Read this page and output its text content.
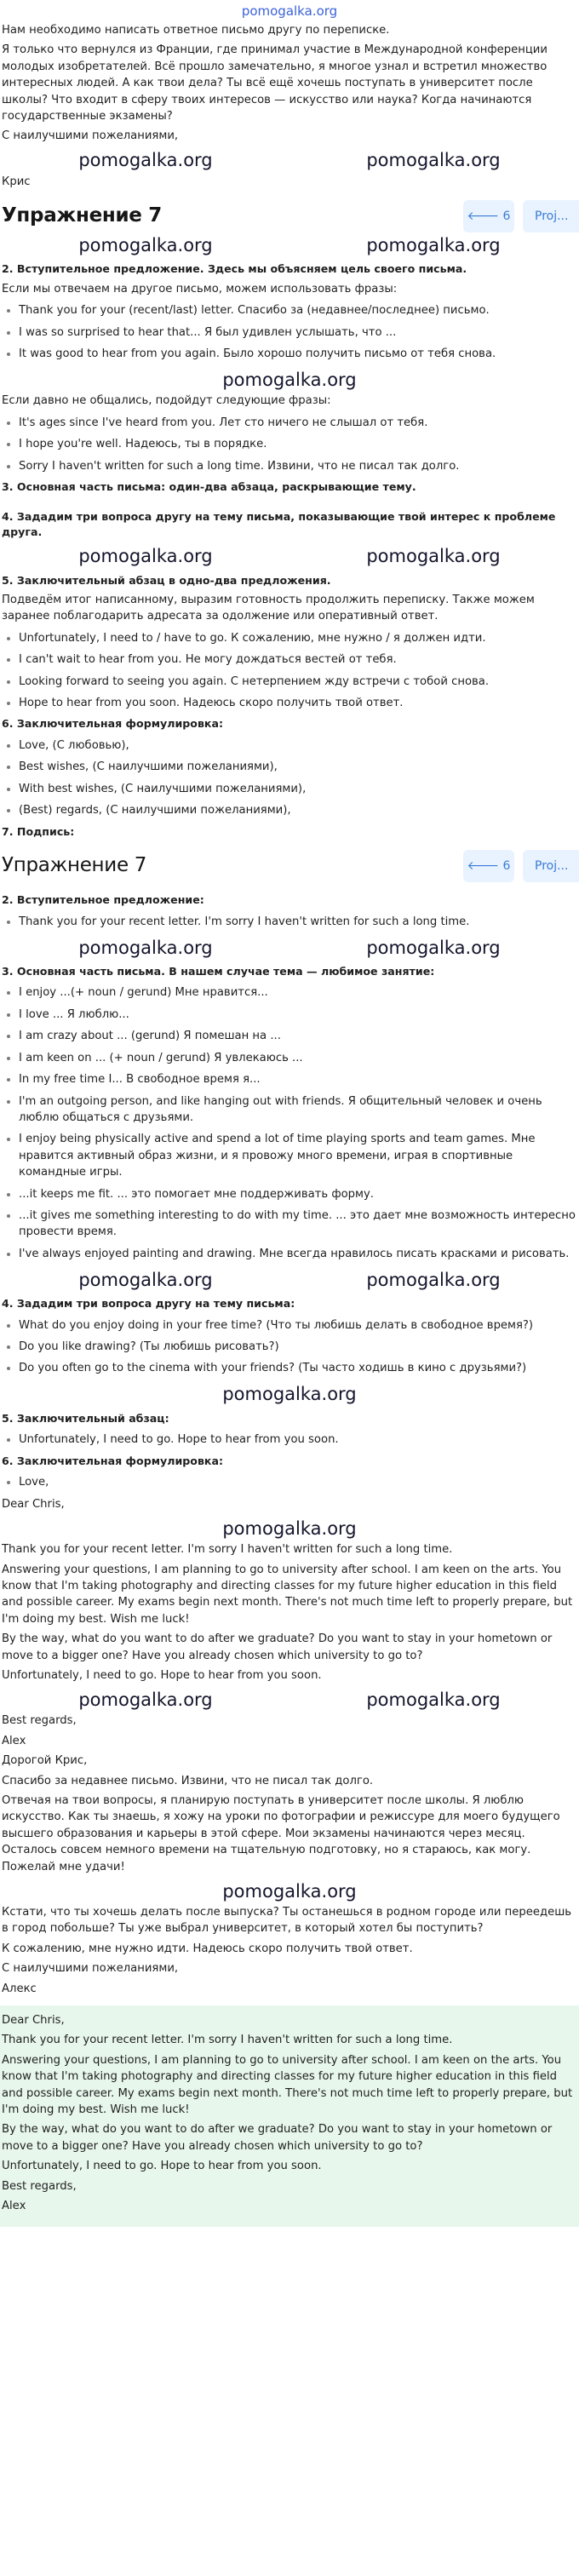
pomogalka.org

Нам необходимо написать ответное письмо другу по переписке.

Я только что вернулся из Франции, где принимал участие в Международной конференции молодых изобретателей. Всё прошло замечательно, я многое узнал и встретил множество интересных людей. А как твои дела? Ты всё ещё хочешь поступать в университет после школы? Что входит в сферу твоих интересов — искусство или наука? Когда начинаются государственные экзамены?

С наилучшими пожеланиями,

pomogalka.org	pomogalka.org

Крис

Упражнение 7	🡐 6 Proj...
pomogalka.org	pomogalka.org

2. Вступительное предложение. Здесь мы объясняем цель своего письма.

Если мы отвечаем на другое письмо, можем использовать фразы:

Thank you for your (recent/last) letter. Спасибо за (недавнее/последнее) письмо.
I was so surprised to hear that... Я был удивлен услышать, что ...
It was good to hear from you again. Было хорошо получить письмо от тебя снова.
pomogalka.org

Если давно не общались, подойдут следующие фразы:

It's ages since I've heard from you. Лет сто ничего не слышал от тебя.
I hope you're well. Надеюсь, ты в порядке.
Sorry I haven't written for such a long time. Извини, что не писал так долго.

3. Основная часть письма: один-два абзаца, раскрывающие тему.

4. Зададим три вопроса другу на тему письма, показывающие твой интерес к проблеме друга.

pomogalka.org	pomogalka.org

5. Заключительный абзац в одно-два предложения.

Подведём итог написанному, выразим готовность продолжить переписку. Также можем заранее поблагодарить адресата за одолжение или оперативный ответ.

Unfortunately, I need to / have to go. К сожалению, мне нужно / я должен идти.
I can't wait to hear from you. Не могу дождаться вестей от тебя.
Looking forward to seeing you again. С нетерпением жду встречи с тобой снова.
Hope to hear from you soon. Надеюсь скоро получить твой ответ.

6. Заключительная формулировка:

Love, (С любовью),
Best wishes, (С наилучшими пожеланиями),
With best wishes, (С наилучшими пожеланиями),
(Best) regards, (С наилучшими пожеланиями),

7. Подпись:

Упражнение 7	🡐 6 Proj...

2. Вступительное предложение:

Thank you for your recent letter. I'm sorry I haven't written for such a long time.
pomogalka.org	pomogalka.org

3. Основная часть письма. В нашем случае тема — любимое занятие:

I enjoy ...(+ noun / gerund) Мне нравится...
I love ... Я люблю...
I am crazy about ... (gerund) Я помешан на ...
I am keen on ... (+ noun / gerund) Я увлекаюсь ...
In my free time I... В свободное время я...
I'm an outgoing person, and like hanging out with friends. Я общительный человек и очень люблю общаться с друзьями.
I enjoy being physically active and spend a lot of time playing sports and team games. Мне нравится активный образ жизни, и я провожу много времени, играя в спортивные командные игры.
...it keeps me fit. ... это помогает мне поддерживать форму.
...it gives me something interesting to do with my time. ... это дает мне возможность интересно провести время.
I've always enjoyed painting and drawing. Мне всегда нравилось писать красками и рисовать.
pomogalka.org	pomogalka.org

4. Зададим три вопроса другу на тему письма:

What do you enjoy doing in your free time? (Что ты любишь делать в свободное время?)
Do you like drawing? (Ты любишь рисовать?)
Do you often go to the cinema with your friends? (Ты часто ходишь в кино с друзьями?)
pomogalka.org

5. Заключительный абзац:

Unfortunately, I need to go. Hope to hear from you soon.

6. Заключительная формулировка:

Love,

Dear Chris,

pomogalka.org

Thank you for your recent letter. I'm sorry I haven't written for such a long time.

Answering your questions, I am planning to go to university after school. I am keen on the arts. You know that I'm taking photography and directing classes for my future higher education in this field and possible career. My exams begin next month. There's not much time left to properly prepare, but I'm doing my best. Wish me luck!

By the way, what do you want to do after we graduate? Do you want to stay in your hometown or move to a bigger one? Have you already chosen which university to go to?

Unfortunately, I need to go. Hope to hear from you soon.

pomogalka.org	pomogalka.org

Best regards,

Alex

Дорогой Крис,

Спасибо за недавнее письмо. Извини, что не писал так долго.

Отвечая на твои вопросы, я планирую поступать в университет после школы. Я люблю искусство. Как ты знаешь, я хожу на уроки по фотографии и режиссуре для моего будущего высшего образования и карьеры в этой сфере. Мои экзамены начинаются через месяц. Осталось совсем немного времени на тщательную подготовку, но я стараюсь, как могу. Пожелай мне удачи!

pomogalka.org

Кстати, что ты хочешь делать после выпуска? Ты останешься в родном городе или переедешь в город побольше? Ты уже выбрал университет, в который хотел бы поступить?

К сожалению, мне нужно идти. Надеюсь скоро получить твой ответ.

С наилучшими пожеланиями,

Алекс

Dear Chris,

Thank you for your recent letter. I'm sorry I haven't written for such a long time.

Answering your questions, I am planning to go to university after school. I am keen on the arts. You know that I'm taking photography and directing classes for my future higher education in this field and possible career. My exams begin next month. There's not much time left to properly prepare, but I'm doing my best. Wish me luck!

By the way, what do you want to do after we graduate? Do you want to stay in your hometown or move to a bigger one? Have you already chosen which university to go to?

Unfortunately, I need to go. Hope to hear from you soon.

Best regards,

Alex
